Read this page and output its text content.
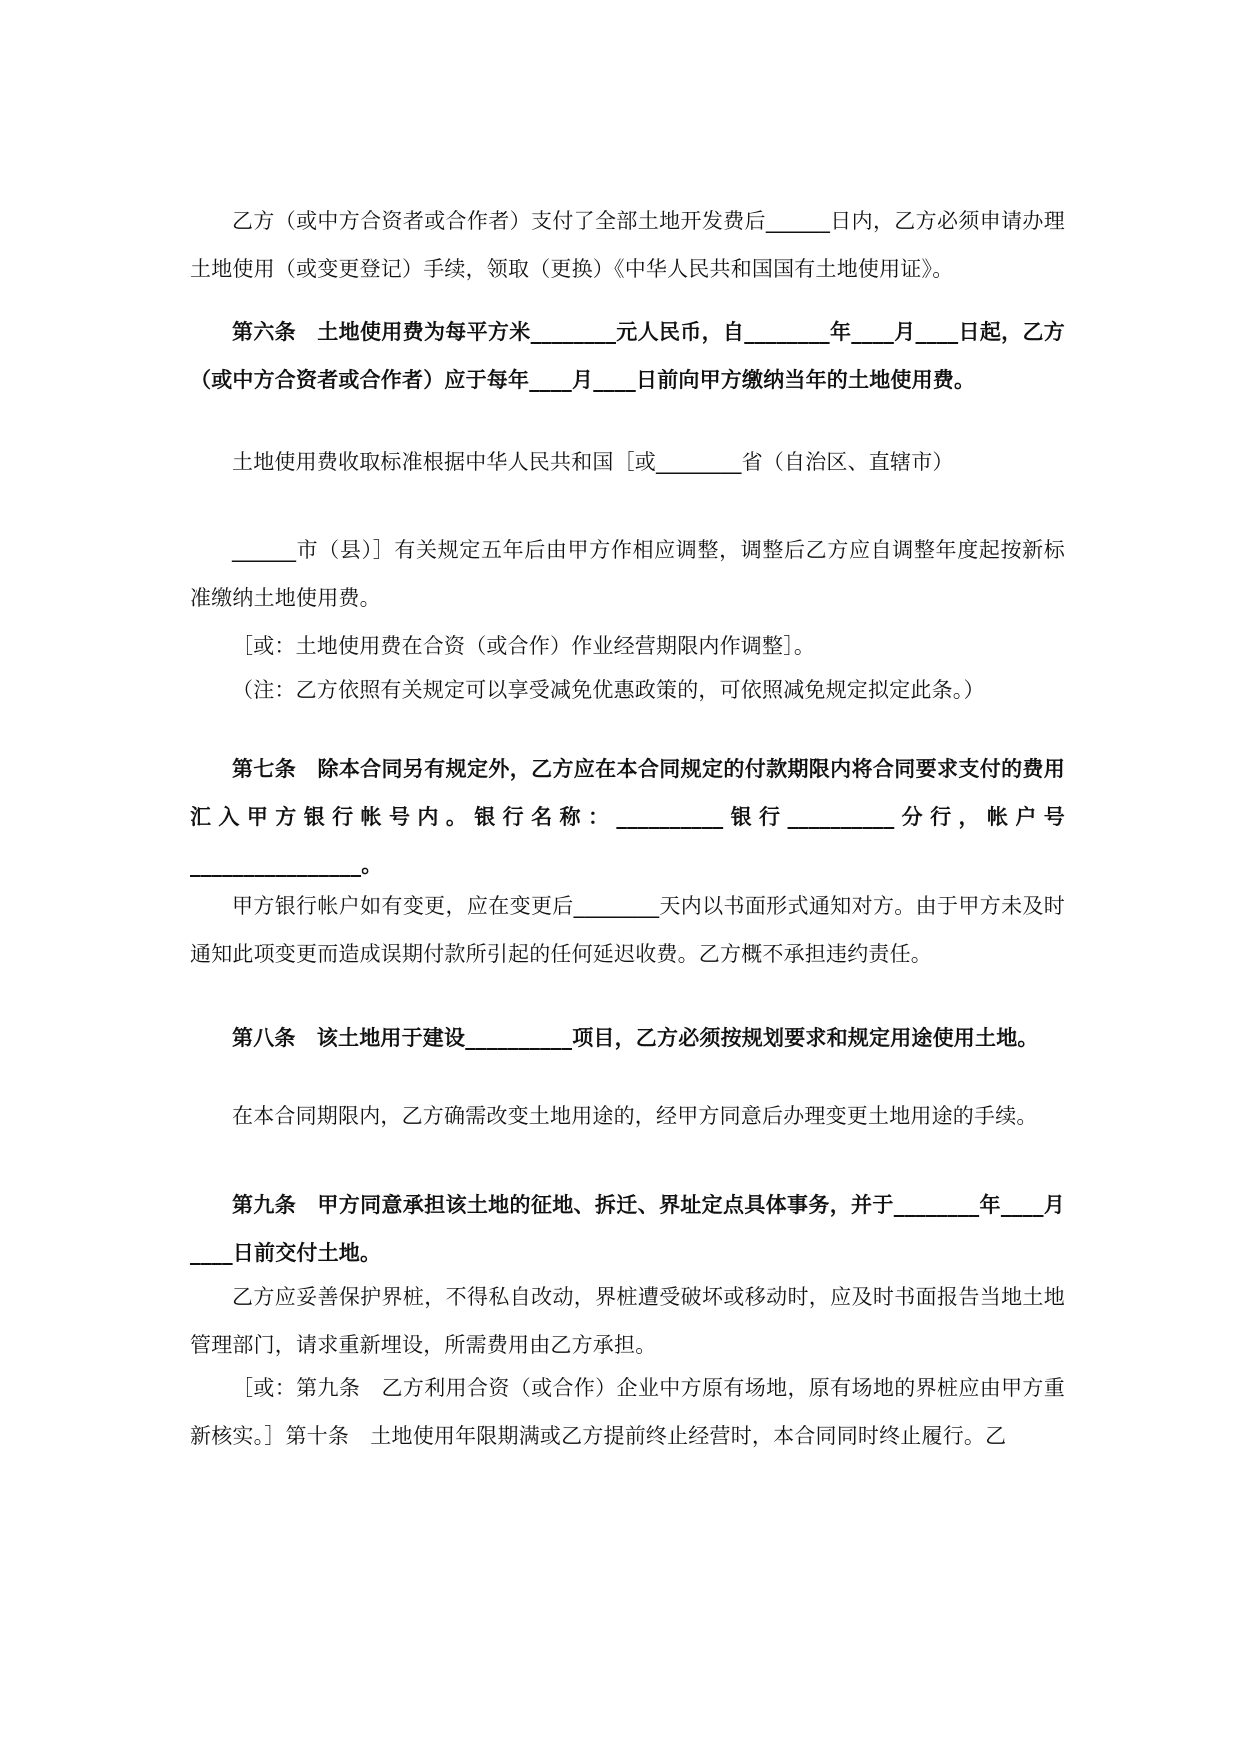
乙方（或中方合资者或合作者）支付了全部土地开发费后______日内，乙方必须申请办理土地使用（或变更登记）手续，领取（更换）《中华人民共和国国有土地使用证》。

第六条　土地使用费为每平方米________元人民币，自________年____月____日起，乙方（或中方合资者或合作者）应于每年____月____日前向甲方缴纳当年的土地使用费。

土地使用费收取标准根据中华人民共和国［或________省（自治区、直辖市）

______市（县）］有关规定五年后由甲方作相应调整，调整后乙方应自调整年度起按新标准缴纳土地使用费。

［或：土地使用费在合资（或合作）作业经营期限内作调整］。

（注：乙方依照有关规定可以享受减免优惠政策的，可依照减免规定拟定此条。）

第七条　除本合同另有规定外，乙方应在本合同规定的付款期限内将合同要求支付的费用汇入甲方银行帐号内。银行名称：__________银行__________分行，帐户号________________。

甲方银行帐户如有变更，应在变更后________天内以书面形式通知对方。由于甲方未及时通知此项变更而造成误期付款所引起的任何延迟收费。乙方概不承担违约责任。

第八条　该土地用于建设__________项目，乙方必须按规划要求和规定用途使用土地。

在本合同期限内，乙方确需改变土地用途的，经甲方同意后办理变更土地用途的手续。

第九条　甲方同意承担该土地的征地、拆迁、界址定点具体事务，并于________年____月____日前交付土地。

乙方应妥善保护界桩，不得私自改动，界桩遭受破坏或移动时，应及时书面报告当地土地管理部门，请求重新埋设，所需费用由乙方承担。

［或：第九条　乙方利用合资（或合作）企业中方原有场地，原有场地的界桩应由甲方重新核实。］第十条　土地使用年限期满或乙方提前终止经营时，本合同同时终止履行。乙
